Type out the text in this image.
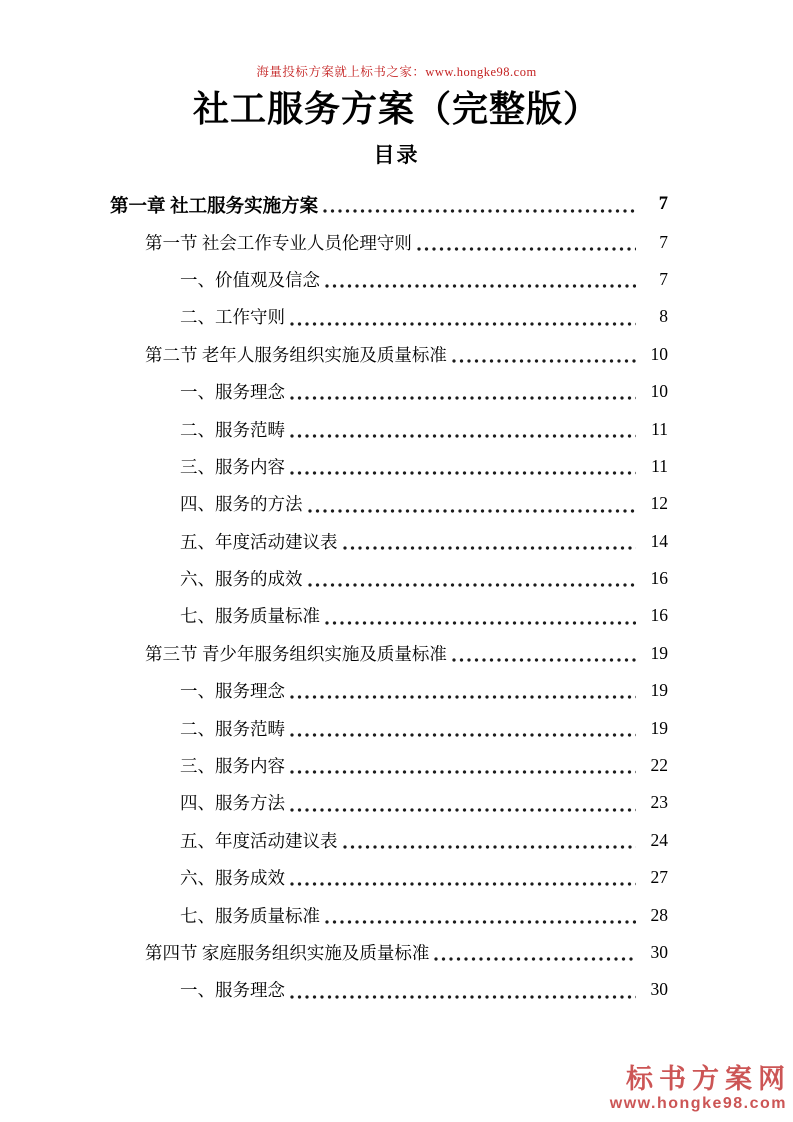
海量投标方案就上标书之家：www.hongke98.com
社工服务方案（完整版）
目录
第一章 社工服务实施方案	7
第一节 社会工作专业人员伦理守则	7
一、价值观及信念	7
二、工作守则	8
第二节 老年人服务组织实施及质量标准	10
一、服务理念	10
二、服务范畴	11
三、服务内容	11
四、服务的方法	12
五、年度活动建议表	14
六、服务的成效	16
七、服务质量标准	16
第三节 青少年服务组织实施及质量标准	19
一、服务理念	19
二、服务范畴	19
三、服务内容	22
四、服务方法	23
五、年度活动建议表	24
六、服务成效	27
七、服务质量标准	28
第四节 家庭服务组织实施及质量标准	30
一、服务理念	30
标书方案网
www.hongke98.com
